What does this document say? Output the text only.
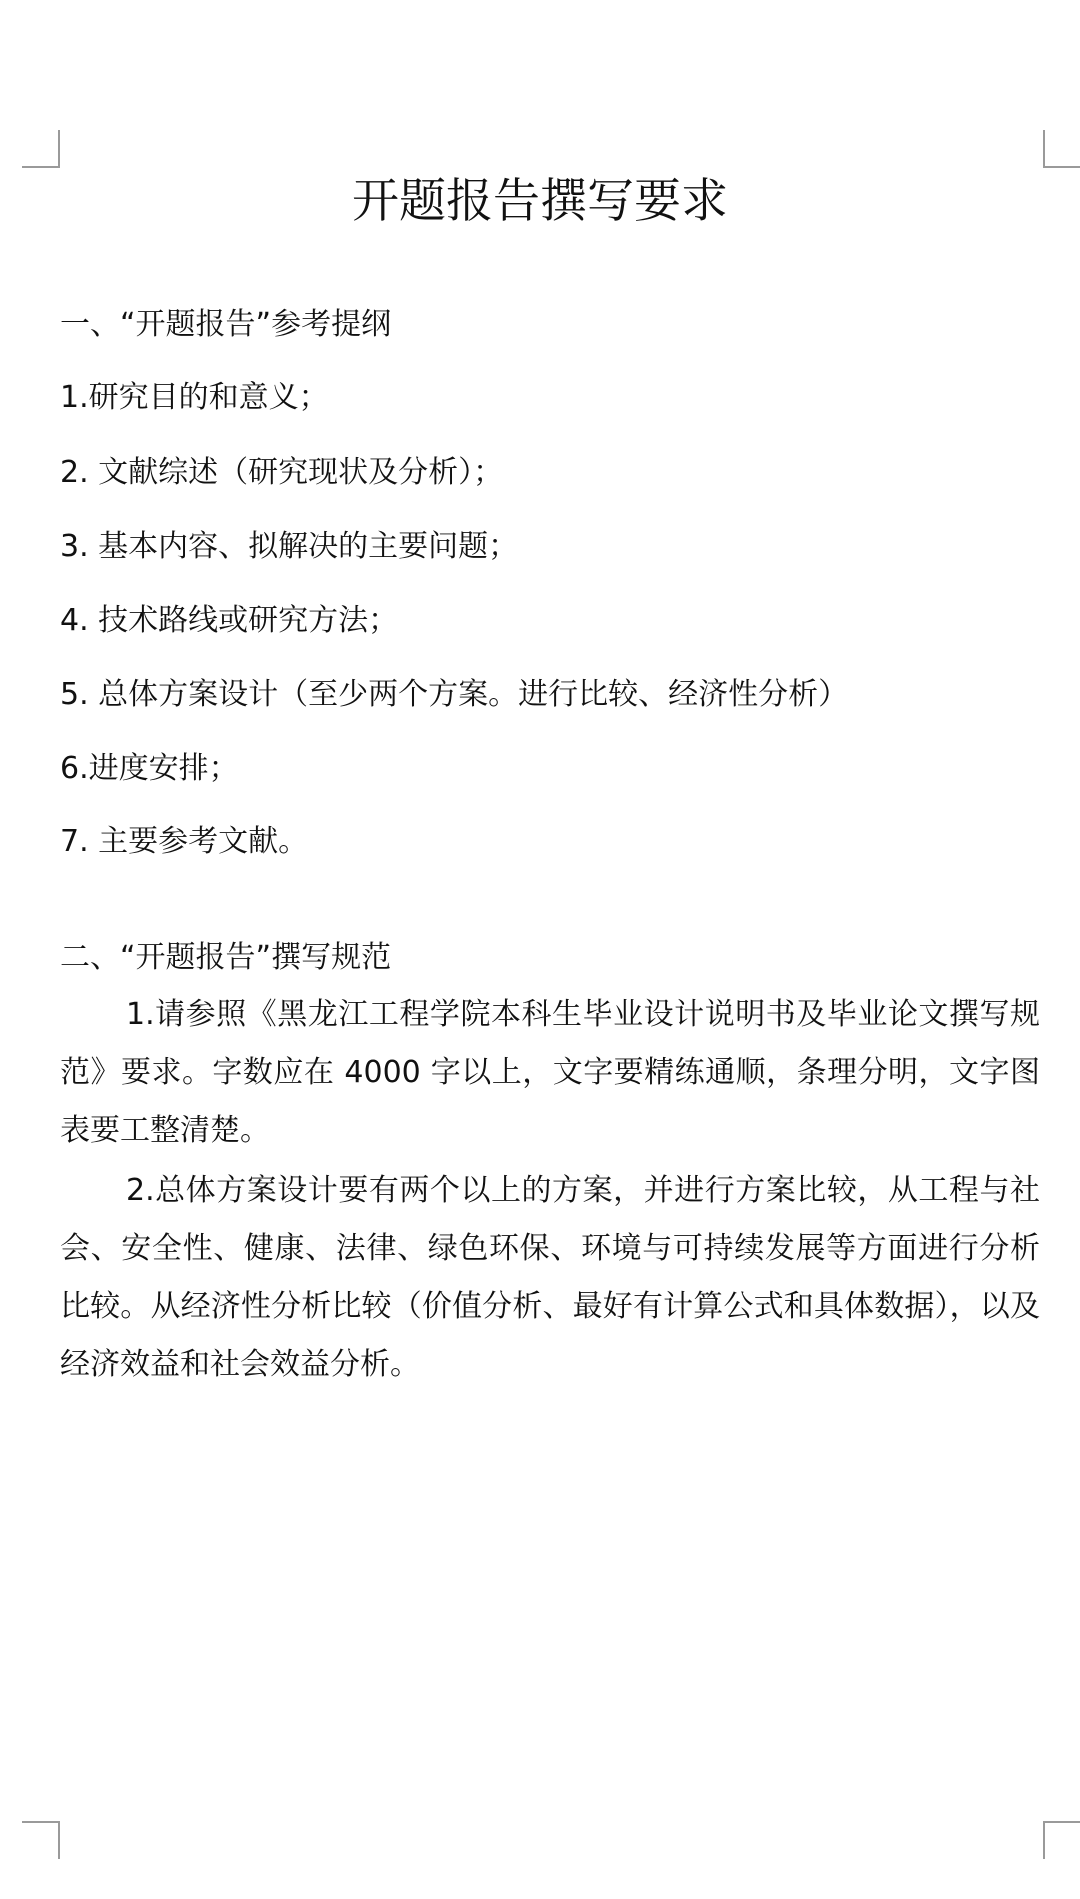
开题报告撰写要求

一、“开题报告”参考提纲

1.研究目的和意义；

2. 文献综述（研究现状及分析）；

3. 基本内容、拟解决的主要问题；

4. 技术路线或研究方法；

5. 总体方案设计（至少两个方案。进行比较、经济性分析）

6.进度安排；

7. 主要参考文献。

二、“开题报告”撰写规范

1.请参照《黑龙江工程学院本科生毕业设计说明书及毕业论文撰写规范》要求。字数应在 4000 字以上，文字要精练通顺，条理分明，文字图表要工整清楚。

2.总体方案设计要有两个以上的方案，并进行方案比较，从工程与社会、安全性、健康、法律、绿色环保、环境与可持续发展等方面进行分析比较。从经济性分析比较（价值分析、最好有计算公式和具体数据），以及经济效益和社会效益分析。
